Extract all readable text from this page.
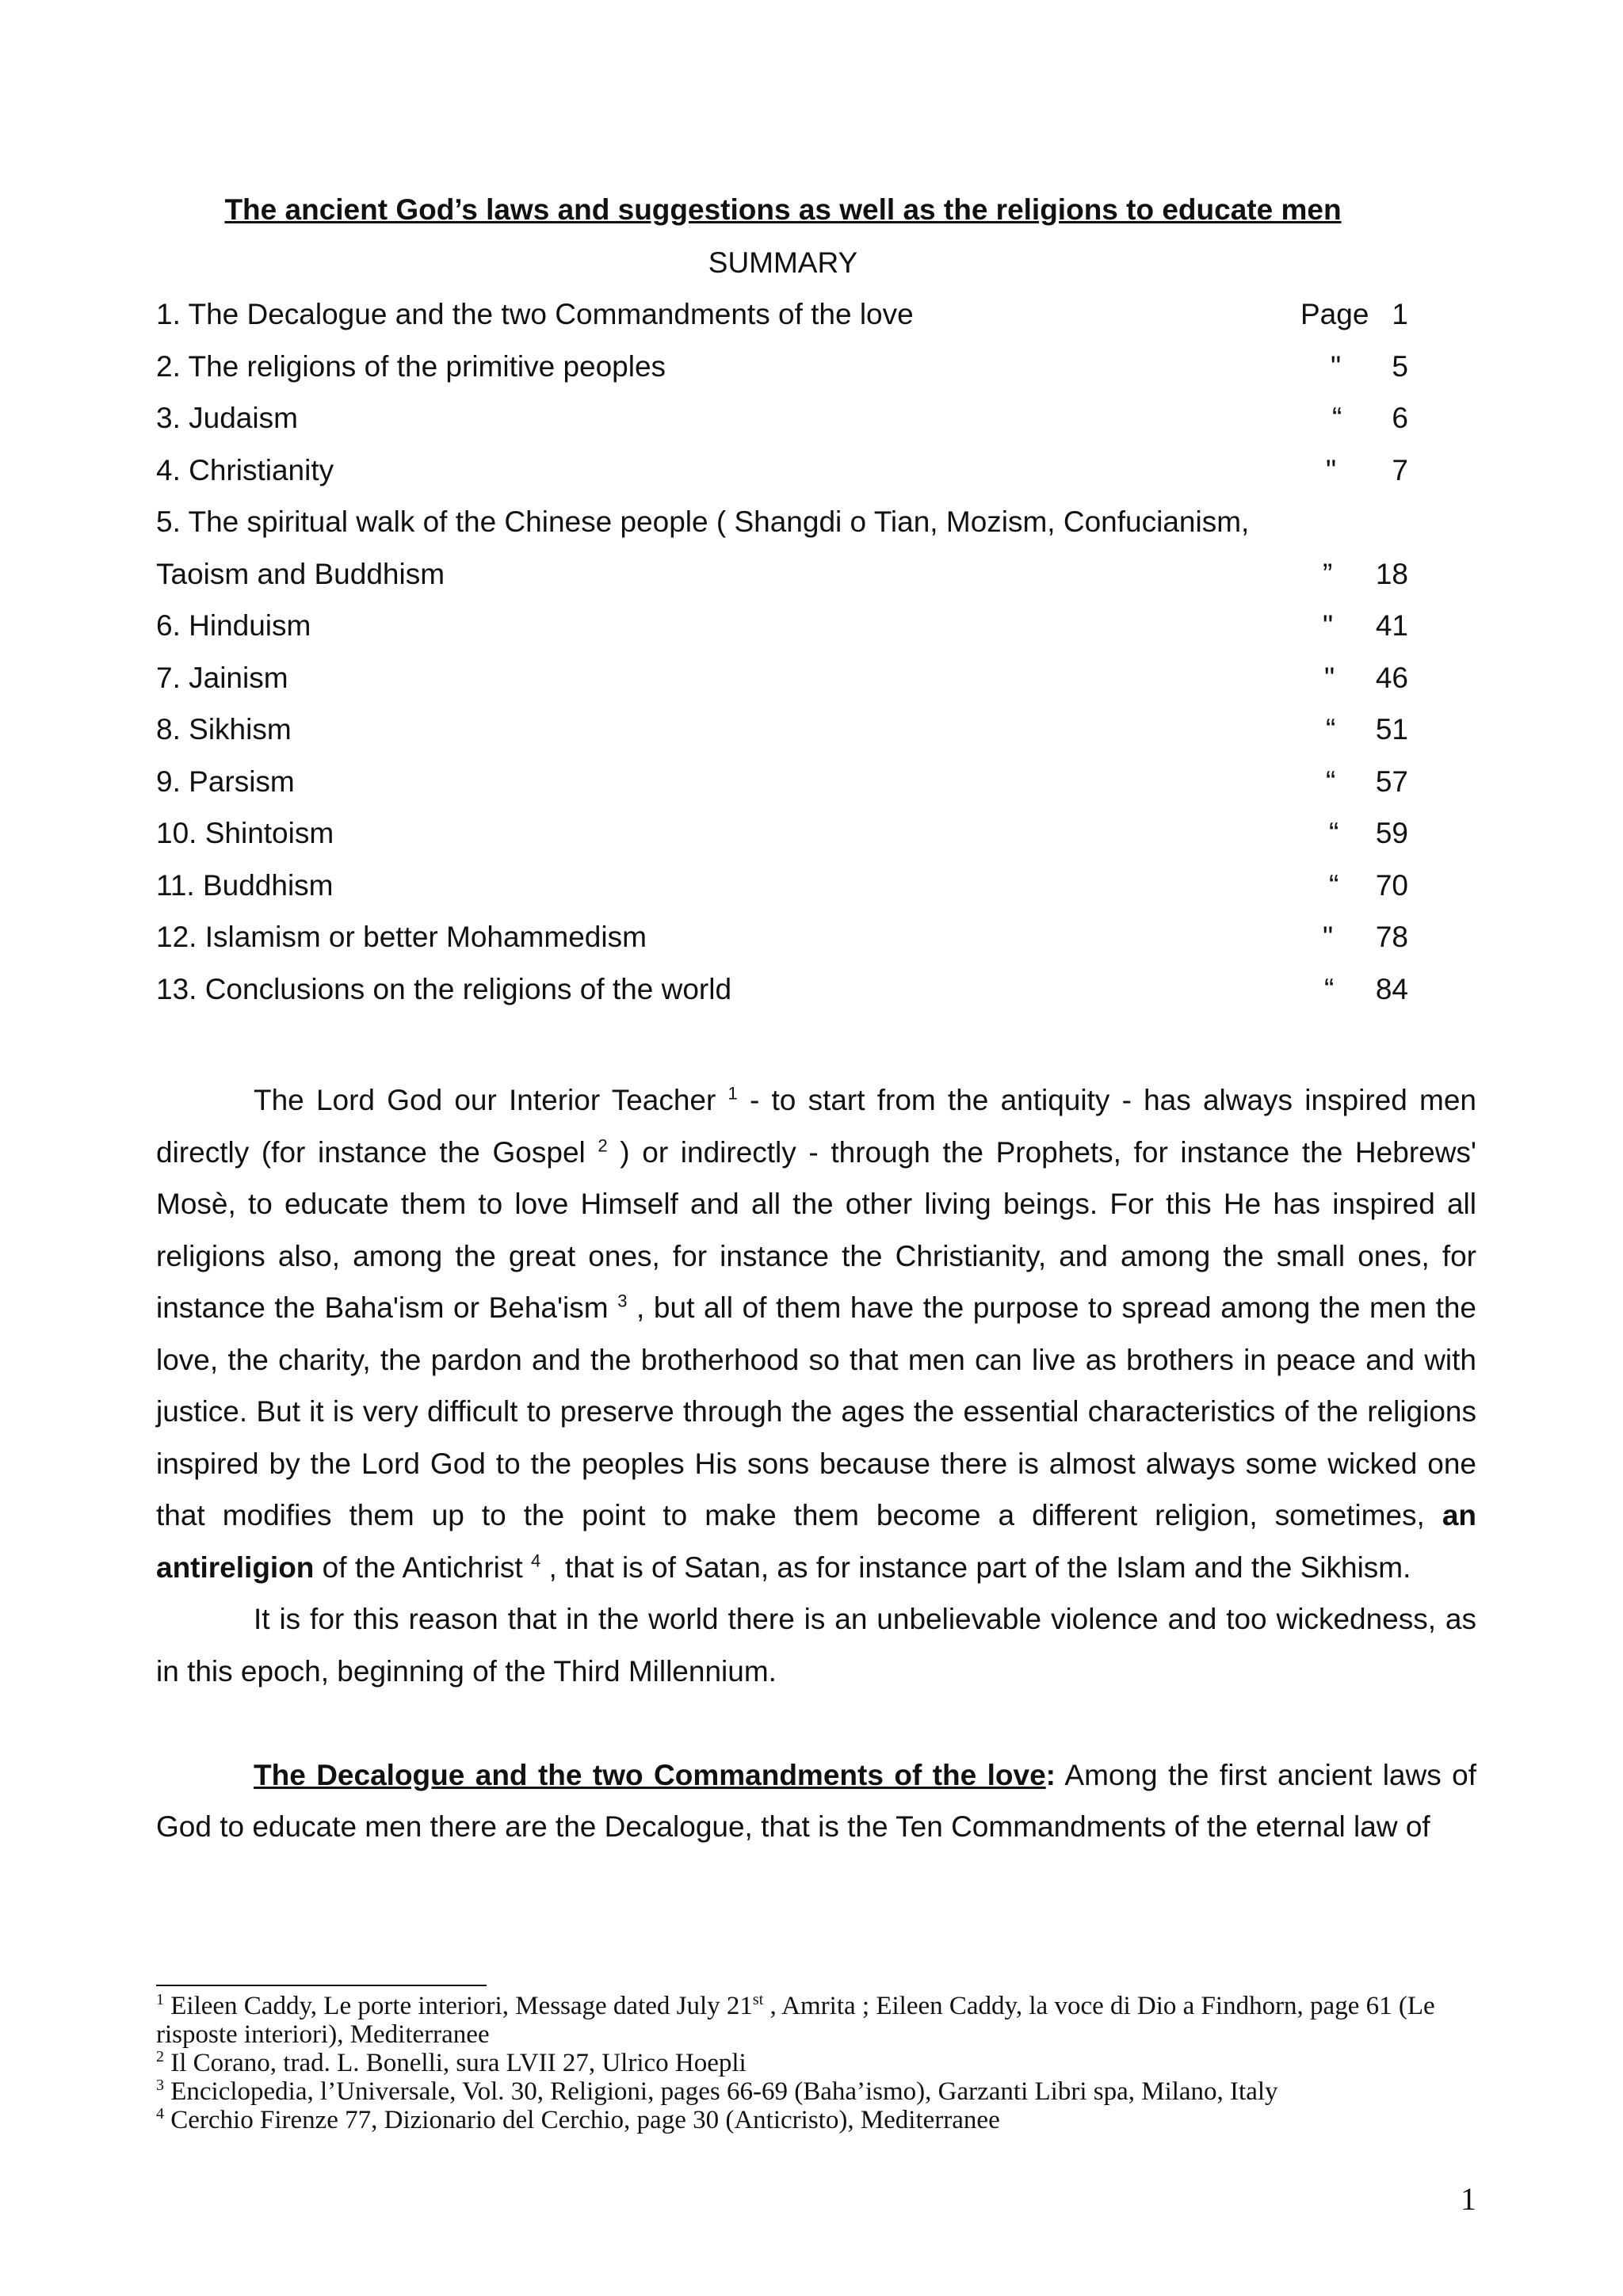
The ancient God’s laws and suggestions as well as the religions to educate men
SUMMARY
1. The Decalogue and the two Commandments of the love	Page 1
2. The religions of the primitive peoples	"	5
3. Judaism	“	6
4. Christianity	"	7
5. The spiritual walk of the Chinese people ( Shangdi o Tian, Mozism, Confucianism,
Taoism and Buddhism	”	18
6. Hinduism	"	41
7. Jainism	"	46
8. Sikhism	“	51
9. Parsism	“	57
10. Shintoism	“	59
11. Buddhism	“	70
12. Islamism or better Mohammedism	"	78
13. Conclusions on the religions of the world	“	84

The Lord God our Interior Teacher $^1$ - to start from the antiquity - has always inspired men directly (for instance the Gospel $^2$ ) or indirectly - through the Prophets, for instance the Hebrews' Mosè, to educate them to love Himself and all the other living beings. For this He has inspired all religions also, among the great ones, for instance the Christianity, and among the small ones, for instance the Baha'ism or Beha'ism $^3$ , but all of them have the purpose to spread among the men the love, the charity, the pardon and the brotherhood so that men can live as brothers in peace and with justice. But it is very difficult to preserve through the ages the essential characteristics of the religions inspired by the Lord God to the peoples His sons because there is almost always some wicked one that modifies them up to the point to make them become a different religion, sometimes, an antireligion of the Antichrist $^4$ , that is of Satan, as for instance part of the Islam and the Sikhism.

It is for this reason that in the world there is an unbelievable violence and too wickedness, as in this epoch, beginning of the Third Millennium.

The Decalogue and the two Commandments of the love: Among the first ancient laws of God to educate men there are the Decalogue, that is the Ten Commandments of the eternal law of

$^1$ Eileen Caddy, Le porte interiori, Message dated July 21st , Amrita ; Eileen Caddy, la voce di Dio a Findhorn, page 61 (Le risposte interiori), Mediterranee

$^2$ Il Corano, trad. L. Bonelli, sura LVII 27, Ulrico Hoepli

$^3$ Enciclopedia, l’Universale, Vol. 30, Religioni, pages 66-69 (Baha’ismo), Garzanti Libri spa, Milano, Italy

$^4$ Cerchio Firenze 77, Dizionario del Cerchio, page 30 (Anticristo), Mediterranee

1
